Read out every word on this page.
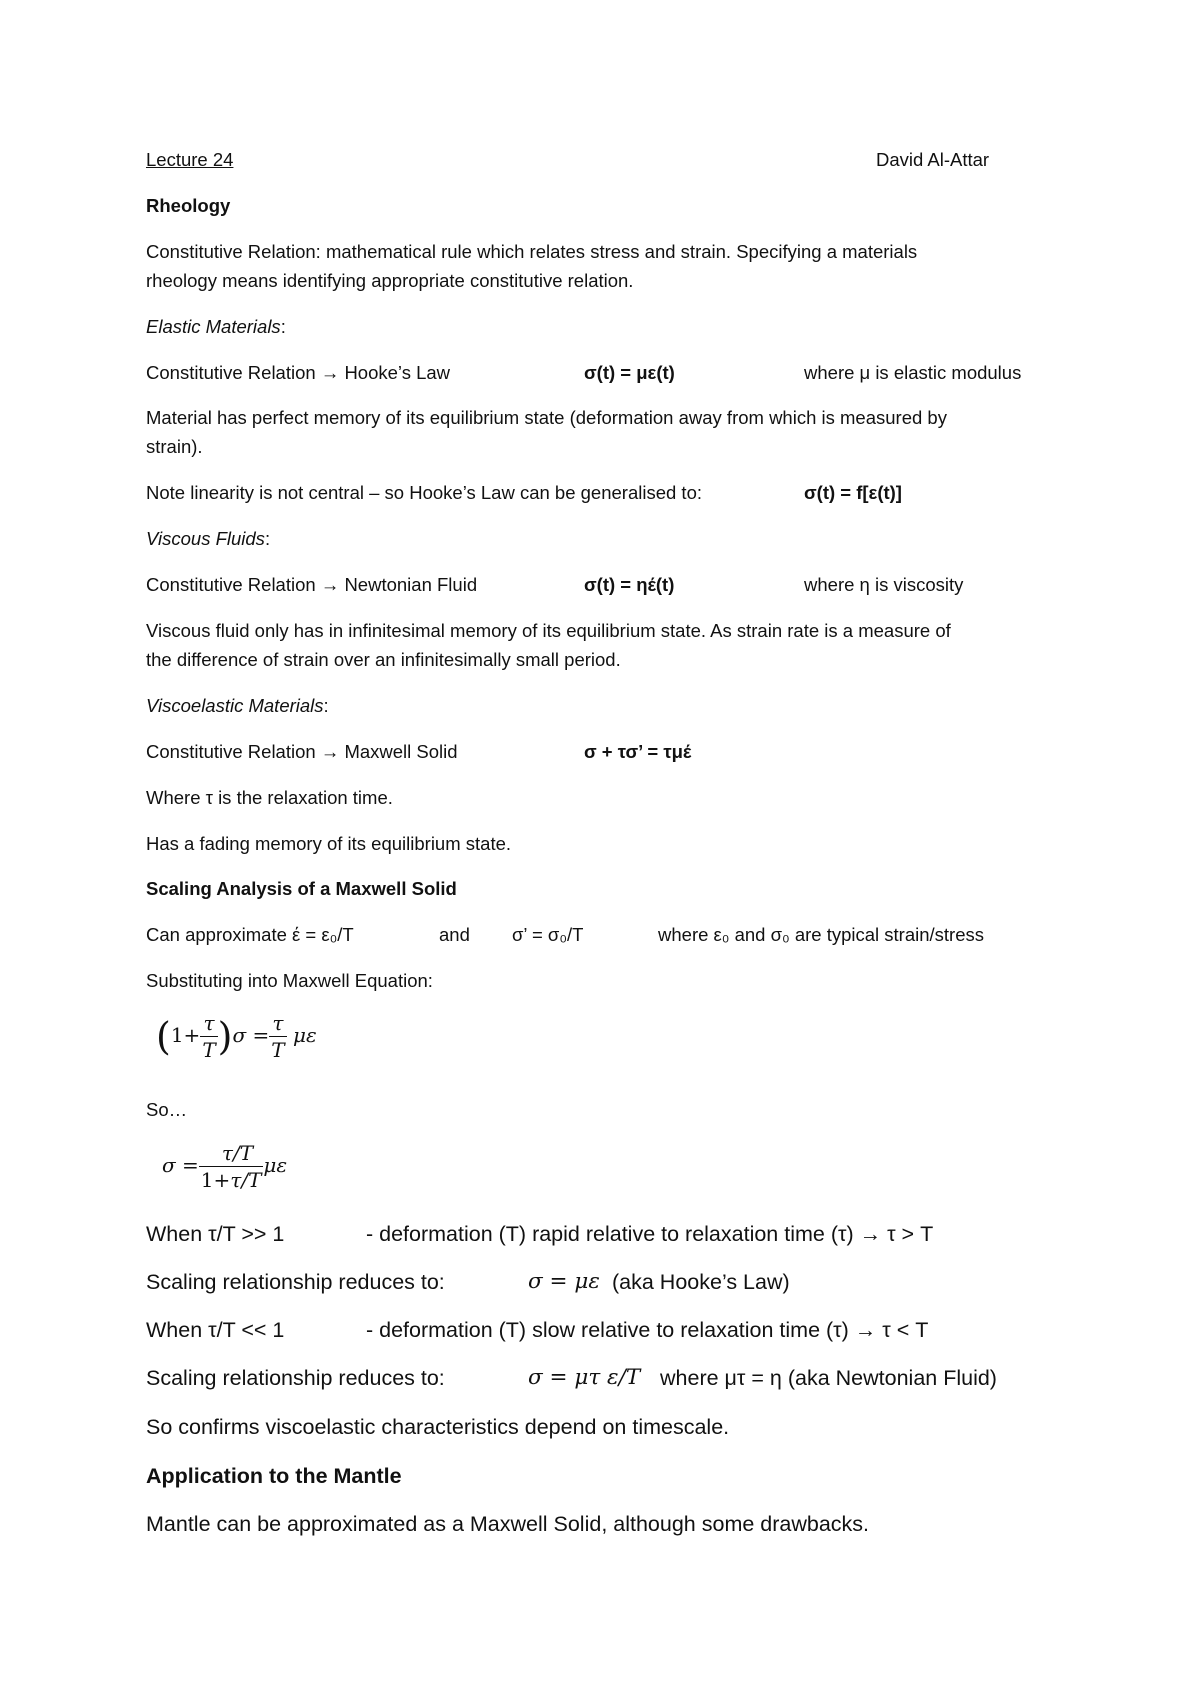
Lecture 24	David Al-Attar
Rheology
Constitutive Relation: mathematical rule which relates stress and strain. Specifying a materials
rheology means identifying appropriate constitutive relation.
Elastic Materials:
Constitutive Relation → Hooke’s Law	σ(t) = με(t)	where μ is elastic modulus
Material has perfect memory of its equilibrium state (deformation away from which is measured by
strain).
Note linearity is not central – so Hooke’s Law can be generalised to:	σ(t) = f[ε(t)]
Viscous Fluids:
Constitutive Relation → Newtonian Fluid	σ(t) = ηέ(t)	where η is viscosity
Viscous fluid only has in infinitesimal memory of its equilibrium state. As strain rate is a measure of
the difference of strain over an infinitesimally small period.
Viscoelastic Materials:
Constitutive Relation → Maxwell Solid	σ + τσ’ = τμέ
Where τ is the relaxation time.
Has a fading memory of its equilibrium state.
Scaling Analysis of a Maxwell Solid
Can approximate έ = ε₀/T	and σ’ = σ₀/T	where ε₀ and σ₀ are typical strain/stress
Substituting into Maxwell Equation:
$(1+ \frac{\tau}{T} )\sigma = \frac{\tau}{T}$ με
So…
$\sigma = \frac{\tau/T}{1+\tau/T}$ με
When τ/T >> 1	- deformation (T) rapid relative to relaxation time (τ) → τ > T
Scaling relationship reduces to:	σ = με (aka Hooke’s Law)
When τ/T << 1	- deformation (T) slow relative to relaxation time (τ) → τ < T
Scaling relationship reduces to:	σ = μτ ε/T where μτ = η (aka Newtonian Fluid)
So confirms viscoelastic characteristics depend on timescale.
Application to the Mantle
Mantle can be approximated as a Maxwell Solid, although some drawbacks.
